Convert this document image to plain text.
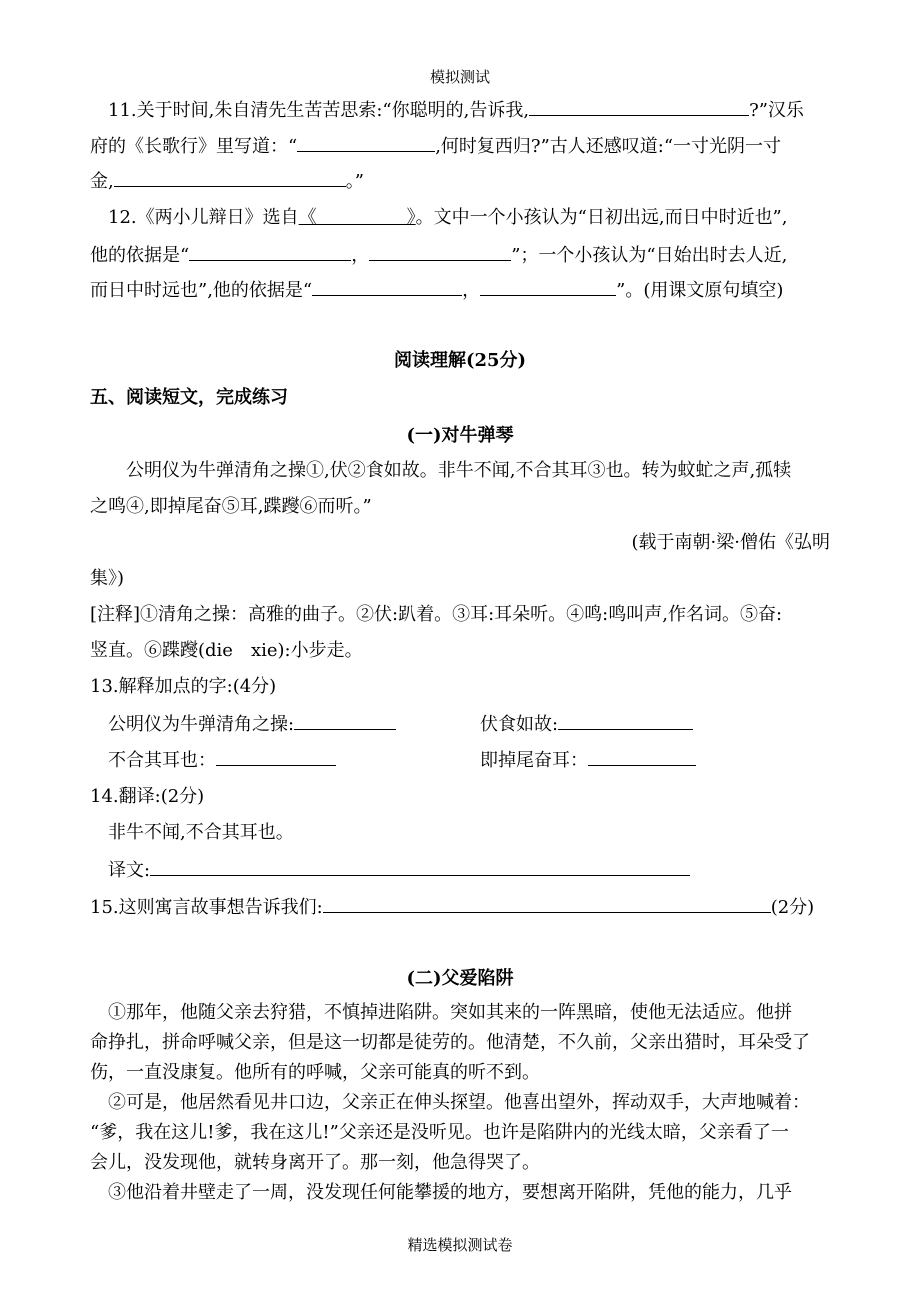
模拟测试
11.关于时间,朱自清先生苦苦思索:“你聪明的,告诉我,	?”汉乐
府的《长歌行》里写道：“	,何时复西归?”古人还感叹道:“一寸光阴一寸
金,	。”
12.《两小儿辩日》选自《　　　　　》。文中一个小孩认为“日初出远,而日中时近也”,
他的依据是“	，	”；一个小孩认为“日始出时去人近,
而日中时远也”,他的依据是“	，	”。(用课文原句填空)
阅读理解(25分)
五、阅读短文，完成练习
(一)对牛弹琴
公明仪为牛弹清角之操①,伏②食如故。非牛不闻,不合其耳③也。转为蚊虻之声,孤犊
之鸣④,即掉尾奋⑤耳,蹀躞⑥而听。”
(载于南朝·梁·僧佑《弘明
集》)
[注释]①清角之操：高雅的曲子。②伏:趴着。③耳:耳朵听。④鸣:鸣叫声,作名词。⑤奋:
竖直。⑥蹀躞(die　xie):小步走。
13.解释加点的字:(4分)
公明仪为牛弹清角之操:	伏食如故:
不合其耳也：	即掉尾奋耳：
14.翻译:(2分)
非牛不闻,不合其耳也。
译文:
15.这则寓言故事想告诉我们:	(2分)
(二)父爱陷阱
①那年，他随父亲去狩猎，不慎掉进陷阱。突如其来的一阵黑暗，使他无法适应。他拼
命挣扎，拼命呼喊父亲，但是这一切都是徒劳的。他清楚，不久前，父亲出猎时，耳朵受了
伤，一直没康复。他所有的呼喊，父亲可能真的听不到。
②可是，他居然看见井口边，父亲正在伸头探望。他喜出望外，挥动双手，大声地喊着：
“爹，我在这儿!爹，我在这儿!”父亲还是没听见。也许是陷阱内的光线太暗，父亲看了一
会儿，没发现他，就转身离开了。那一刻，他急得哭了。
③他沿着井壁走了一周，没发现任何能攀援的地方，要想离开陷阱，凭他的能力，几乎
精选模拟测试卷
